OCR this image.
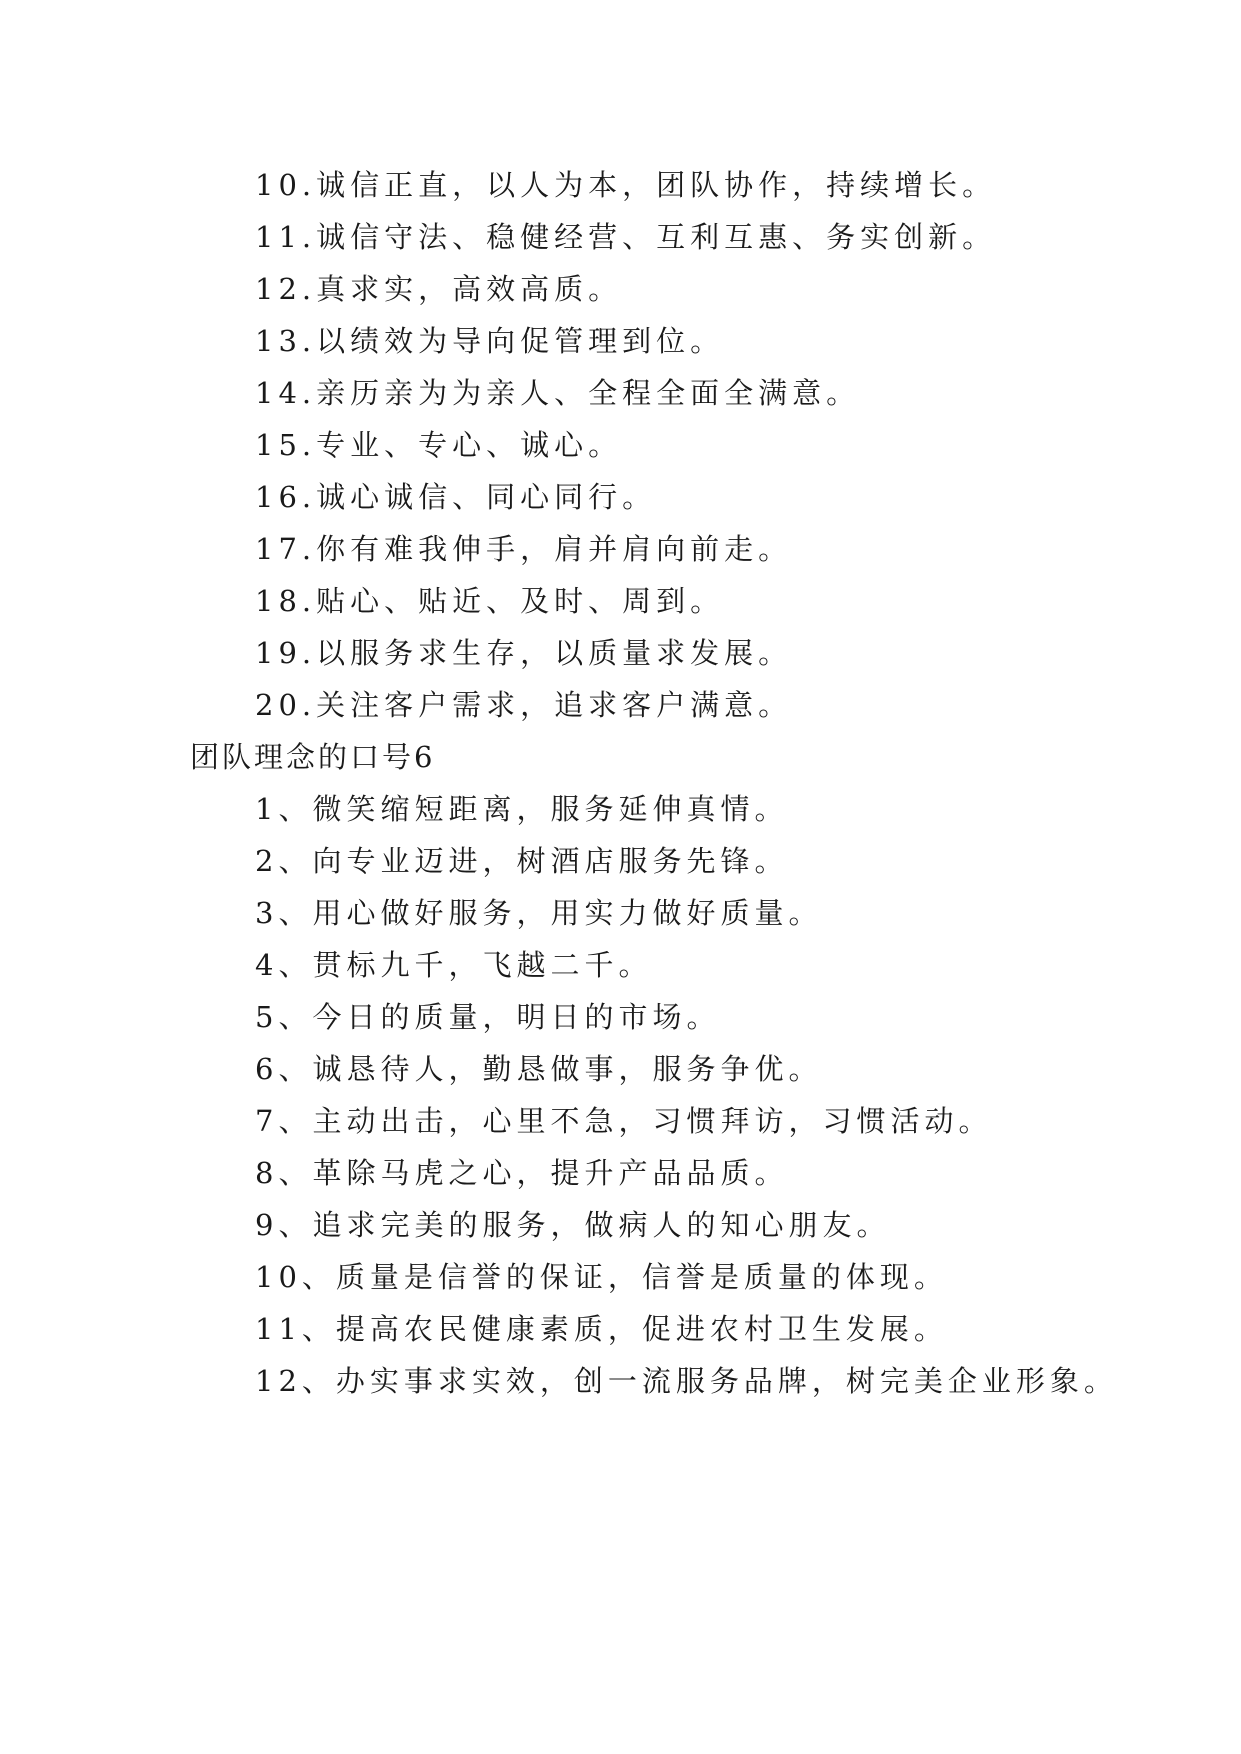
10.诚信正直，以人为本，团队协作，持续增长。
11.诚信守法、稳健经营、互利互惠、务实创新。
12.真求实，高效高质。
13.以绩效为导向促管理到位。
14.亲历亲为为亲人、全程全面全满意。
15.专业、专心、诚心。
16.诚心诚信、同心同行。
17.你有难我伸手，肩并肩向前走。
18.贴心、贴近、及时、周到。
19.以服务求生存，以质量求发展。
20.关注客户需求，追求客户满意。
团队理念的口号6
1、微笑缩短距离，服务延伸真情。
2、向专业迈进，树酒店服务先锋。
3、用心做好服务，用实力做好质量。
4、贯标九千，飞越二千。
5、今日的质量，明日的市场。
6、诚恳待人，勤恳做事，服务争优。
7、主动出击，心里不急，习惯拜访，习惯活动。
8、革除马虎之心，提升产品品质。
9、追求完美的服务，做病人的知心朋友。
10、质量是信誉的保证，信誉是质量的体现。
11、提高农民健康素质，促进农村卫生发展。
12、办实事求实效，创一流服务品牌，树完美企业形象。
